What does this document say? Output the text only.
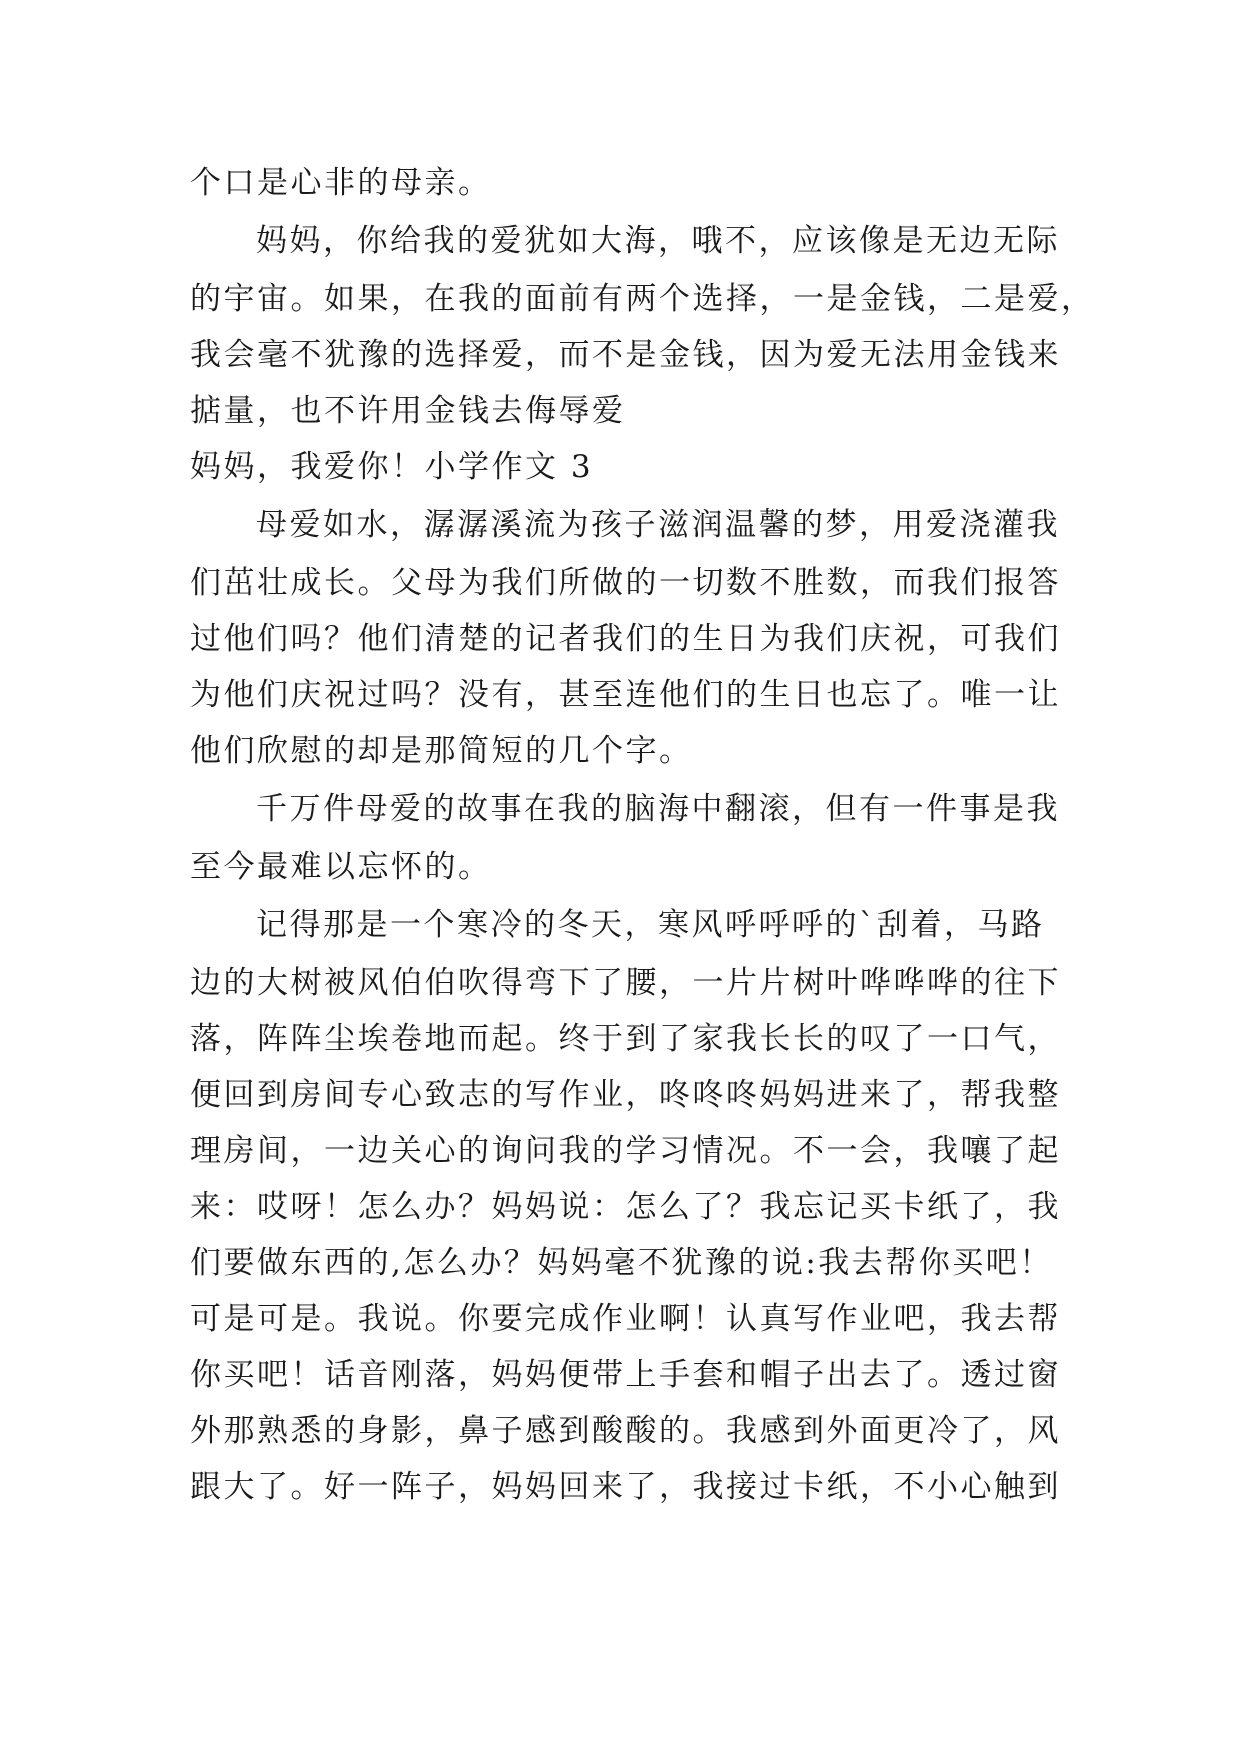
个口是心非的母亲。
妈妈，你给我的爱犹如大海，哦不，应该像是无边无际
的宇宙。如果，在我的面前有两个选择，一是金钱，二是爱，
我会毫不犹豫的选择爱，而不是金钱，因为爱无法用金钱来
掂量，也不许用金钱去侮辱爱
妈妈，我爱你！小学作文 3
母爱如水，潺潺溪流为孩子滋润温馨的梦，用爱浇灌我
们茁壮成长。父母为我们所做的一切数不胜数，而我们报答
过他们吗？他们清楚的记者我们的生日为我们庆祝，可我们
为他们庆祝过吗？没有，甚至连他们的生日也忘了。唯一让
他们欣慰的却是那简短的几个字。
千万件母爱的故事在我的脑海中翻滚，但有一件事是我
至今最难以忘怀的。
记得那是一个寒冷的冬天，寒风呼呼呼的`刮着，马路
边的大树被风伯伯吹得弯下了腰，一片片树叶哗哗哗的往下
落，阵阵尘埃卷地而起。终于到了家我长长的叹了一口气，
便回到房间专心致志的写作业，咚咚咚妈妈进来了，帮我整
理房间，一边关心的询问我的学习情况。不一会，我嚷了起
来：哎呀！怎么办？妈妈说：怎么了？我忘记买卡纸了，我
们要做东西的,怎么办？妈妈毫不犹豫的说:我去帮你买吧！
可是可是。我说。你要完成作业啊！认真写作业吧，我去帮
你买吧！话音刚落，妈妈便带上手套和帽子出去了。透过窗
外那熟悉的身影，鼻子感到酸酸的。我感到外面更冷了，风
跟大了。好一阵子，妈妈回来了，我接过卡纸，不小心触到
